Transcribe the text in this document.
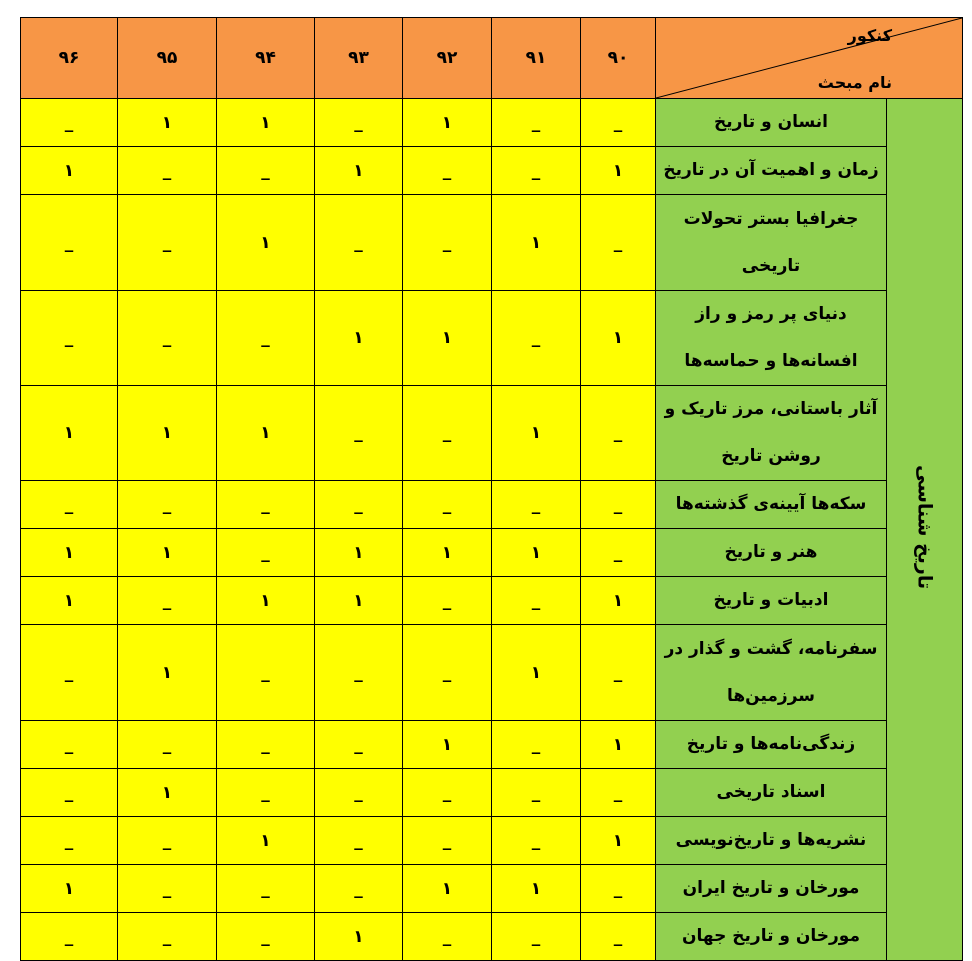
۹۶	۹۵	۹۴	۹۳	۹۲	۹۱	۹۰	کنکور
نام مبحث	

_	۱	۱	_	۱	_	_	انسان و تاریخ	تاریخ شناسی
۱	_	_	۱	_	_	۱	زمان و اهمیت آن در تاریخ	
_	_	۱	_	_	۱	_	جغرافیا بستر تحولات تاریخی	
_	_	_	۱	۱	_	۱	دنیای پر رمز و راز افسانه‌ها و حماسه‌ها	
۱	۱	۱	_	_	۱	_	آثار باستانی، مرز تاریک و روشن تاریخ	
_	_	_	_	_	_	_	سکه‌ها آیینه‌ی گذشته‌ها	
۱	۱	_	۱	۱	۱	_	هنر و تاریخ	
۱	_	۱	۱	_	_	۱	ادبیات و تاریخ	
_	۱	_	_	_	۱	_	سفرنامه، گشت و گذار در سرزمین‌ها	
_	_	_	_	۱	_	۱	زندگی‌نامه‌ها و تاریخ	
_	۱	_	_	_	_	_	اسناد تاریخی	
_	_	۱	_	_	_	۱	نشریه‌ها و تاریخ‌نویسی	
۱	_	_	_	۱	۱	_	مورخان و تاریخ ایران	
_	_	_	۱	_	_	_	مورخان و تاریخ جهان	
